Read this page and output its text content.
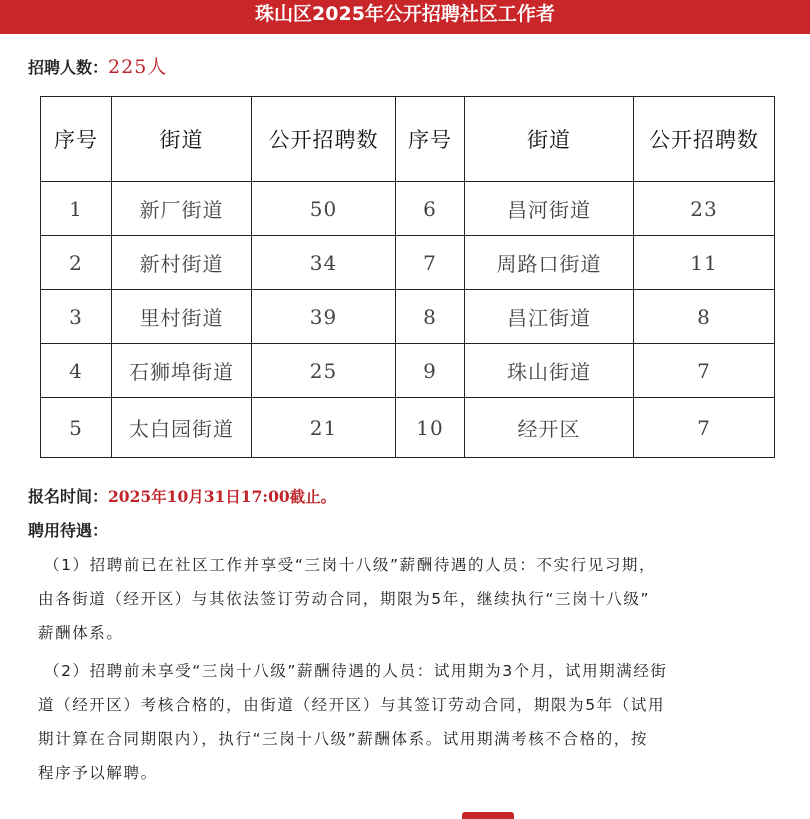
珠山区2025年公开招聘社区工作者
招聘人数：225人
序号	街道	公开招聘数	序号	街道	公开招聘数
1	新厂街道	50	6	昌河街道	23
2	新村街道	34	7	周路口街道	11
3	里村街道	39	8	昌江街道	8
4	石狮埠街道	25	9	珠山街道	7
5	太白园街道	21	10	经开区	7
报名时间：2025年10月31日17:00截止。
聘用待遇：
（1）招聘前已在社区工作并享受“三岗十八级”薪酬待遇的人员：不实行见习期，
由各街道（经开区）与其依法签订劳动合同，期限为5年，继续执行“三岗十八级”
薪酬体系。
（2）招聘前未享受“三岗十八级”薪酬待遇的人员：试用期为3个月，试用期满经街
道（经开区）考核合格的，由街道（经开区）与其签订劳动合同，期限为5年（试用
期计算在合同期限内），执行“三岗十八级”薪酬体系。试用期满考核不合格的，按
程序予以解聘。
